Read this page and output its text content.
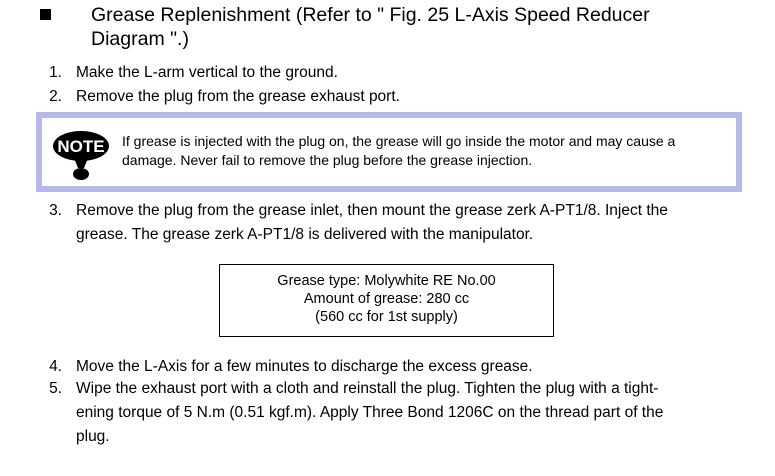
Grease Replenishment (Refer to " Fig. 25 L-Axis Speed Reducer
Diagram ".)
1. Make the L-arm vertical to the ground.
2. Remove the plug from the grease exhaust port.
NOTE If grease is injected with the plug on, the grease will go inside the motor and may cause a
damage. Never fail to remove the plug before the grease injection.
3. Remove the plug from the grease inlet, then mount the grease zerk A-PT1/8. Inject the
grease. The grease zerk A-PT1/8 is delivered with the manipulator.
Grease type: Molywhite RE No.00
Amount of grease: 280 cc
(560 cc for 1st supply)
4. Move the L-Axis for a few minutes to discharge the excess grease.
5. Wipe the exhaust port with a cloth and reinstall the plug. Tighten the plug with a tight-
ening torque of 5 N.m (0.51 kgf.m). Apply Three Bond 1206C on the thread part of the
plug.
